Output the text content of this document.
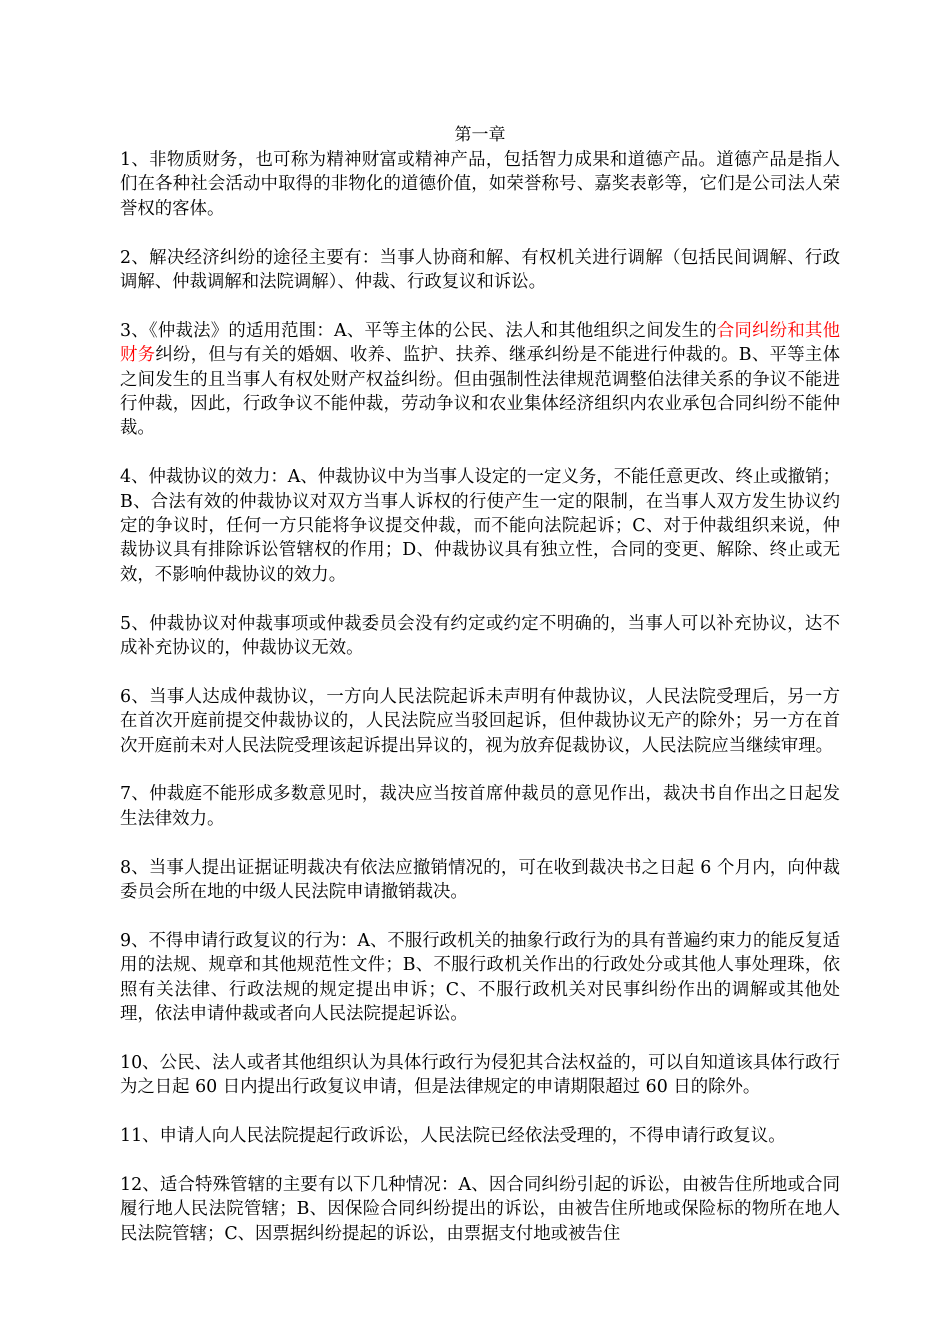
第一章

1、非物质财务，也可称为精神财富或精神产品，包括智力成果和道德产品。道德产品是指人们在各种社会活动中取得的非物化的道德价值，如荣誉称号、嘉奖表彰等，它们是公司法人荣誉权的客体。

2、解决经济纠纷的途径主要有：当事人协商和解、有权机关进行调解（包括民间调解、行政调解、仲裁调解和法院调解）、仲裁、行政复议和诉讼。

3、《仲裁法》的适用范围：A、平等主体的公民、法人和其他组织之间发生的合同纠纷和其他财务纠纷，但与有关的婚姻、收养、监护、扶养、继承纠纷是不能进行仲裁的。B、平等主体之间发生的且当事人有权处财产权益纠纷。但由强制性法律规范调整伯法律关系的争议不能进行仲裁，因此，行政争议不能仲裁，劳动争议和农业集体经济组织内农业承包合同纠纷不能仲裁。

4、仲裁协议的效力：A、仲裁协议中为当事人设定的一定义务，不能任意更改、终止或撤销；B、合法有效的仲裁协议对双方当事人诉权的行使产生一定的限制，在当事人双方发生协议约定的争议时，任何一方只能将争议提交仲裁，而不能向法院起诉；C、对于仲裁组织来说，仲裁协议具有排除诉讼管辖权的作用；D、仲裁协议具有独立性，合同的变更、解除、终止或无效，不影响仲裁协议的效力。

5、仲裁协议对仲裁事项或仲裁委员会没有约定或约定不明确的，当事人可以补充协议，达不成补充协议的，仲裁协议无效。

6、当事人达成仲裁协议，一方向人民法院起诉未声明有仲裁协议，人民法院受理后，另一方在首次开庭前提交仲裁协议的，人民法院应当驳回起诉，但仲裁协议无产的除外；另一方在首次开庭前未对人民法院受理该起诉提出异议的，视为放弃促裁协议，人民法院应当继续审理。

7、仲裁庭不能形成多数意见时，裁决应当按首席仲裁员的意见作出，裁决书自作出之日起发生法律效力。

8、当事人提出证据证明裁决有依法应撤销情况的，可在收到裁决书之日起 6 个月内，向仲裁委员会所在地的中级人民法院申请撤销裁决。

9、不得申请行政复议的行为：A、不服行政机关的抽象行政行为的具有普遍约束力的能反复适用的法规、规章和其他规范性文件；B、不服行政机关作出的行政处分或其他人事处理珠，依照有关法律、行政法规的规定提出申诉；C、不服行政机关对民事纠纷作出的调解或其他处理，依法申请仲裁或者向人民法院提起诉讼。

10、公民、法人或者其他组织认为具体行政行为侵犯其合法权益的，可以自知道该具体行政行为之日起 60 日内提出行政复议申请，但是法律规定的申请期限超过 60 日的除外。

11、申请人向人民法院提起行政诉讼，人民法院已经依法受理的，不得申请行政复议。

12、适合特殊管辖的主要有以下几种情况：A、因合同纠纷引起的诉讼，由被告住所地或合同履行地人民法院管辖；B、因保险合同纠纷提出的诉讼，由被告住所地或保险标的物所在地人民法院管辖；C、因票据纠纷提起的诉讼，由票据支付地或被告住
